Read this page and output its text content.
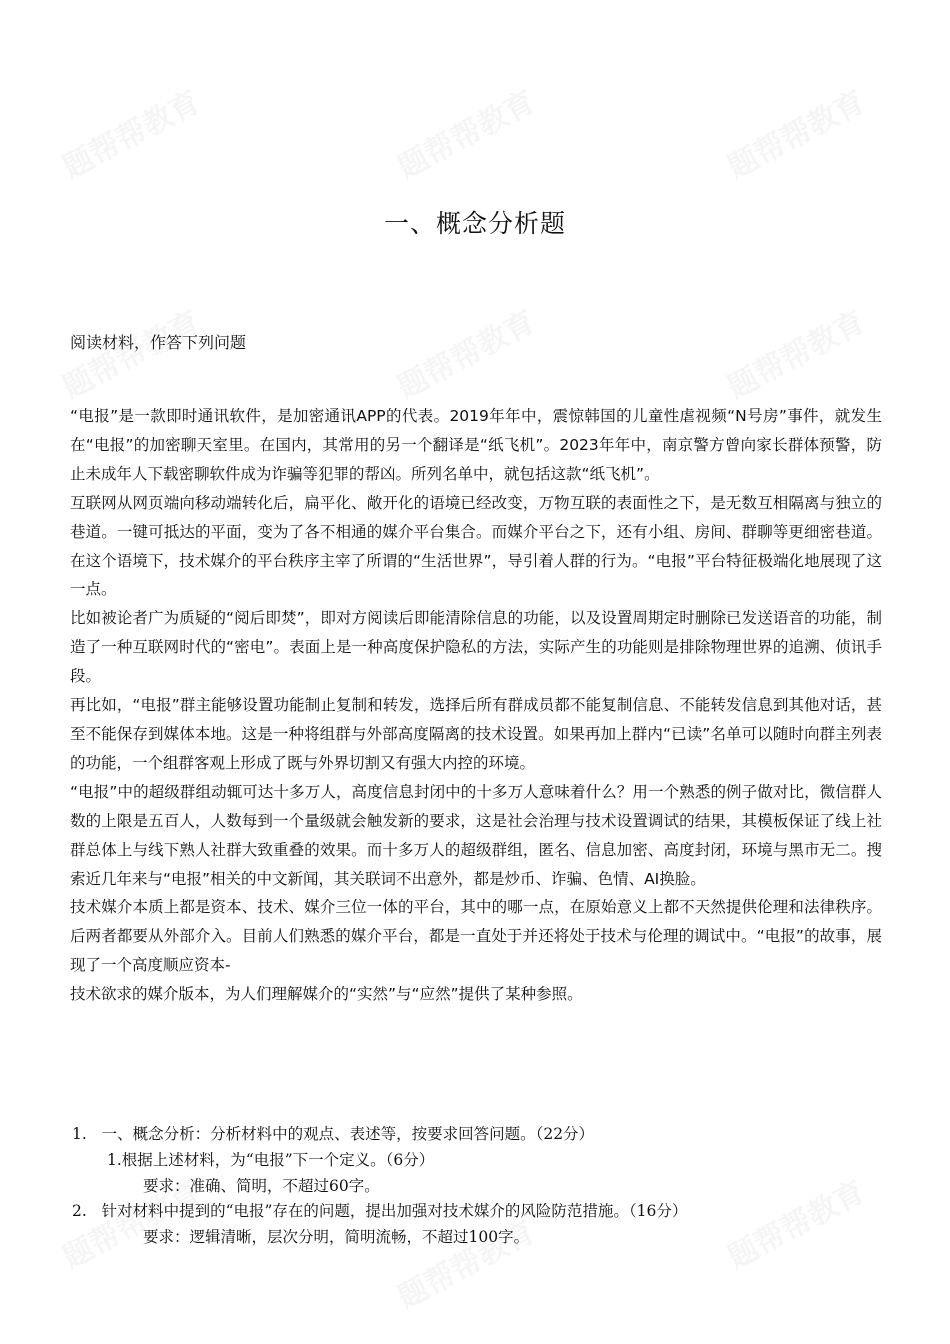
一、概念分析题
阅读材料，作答下列问题

“电报”是一款即时通讯软件，是加密通讯APP的代表。2019年年中，震惊韩国的儿童性虐视频“N号房”事件，就发生在“电报”的加密聊天室里。在国内，其常用的另一个翻译是“纸飞机”。2023年年中，南京警方曾向家长群体预警，防止未成年人下载密聊软件成为诈骗等犯罪的帮凶。所列名单中，就包括这款“纸飞机”。

互联网从网页端向移动端转化后，扁平化、敞开化的语境已经改变，万物互联的表面性之下，是无数互相隔离与独立的巷道。一键可抵达的平面，变为了各不相通的媒介平台集合。而媒介平台之下，还有小组、房间、群聊等更细密巷道。在这个语境下，技术媒介的平台秩序主宰了所谓的“生活世界”，导引着人群的行为。“电报”平台特征极端化地展现了这一点。

比如被论者广为质疑的“阅后即焚”，即对方阅读后即能清除信息的功能，以及设置周期定时删除已发送语音的功能，制造了一种互联网时代的“密电”。表面上是一种高度保护隐私的方法，实际产生的功能则是排除物理世界的追溯、侦讯手段。

再比如，“电报”群主能够设置功能制止复制和转发，选择后所有群成员都不能复制信息、不能转发信息到其他对话，甚至不能保存到媒体本地。这是一种将组群与外部高度隔离的技术设置。如果再加上群内“已读”名单可以随时向群主列表的功能，一个组群客观上形成了既与外界切割又有强大内控的环境。

“电报”中的超级群组动辄可达十多万人，高度信息封闭中的十多万人意味着什么？用一个熟悉的例子做对比，微信群人数的上限是五百人，人数每到一个量级就会触发新的要求，这是社会治理与技术设置调试的结果，其模板保证了线上社群总体上与线下熟人社群大致重叠的效果。而十多万人的超级群组，匿名、信息加密、高度封闭，环境与黑市无二。搜索近几年来与“电报”相关的中文新闻，其关联词不出意外，都是炒币、诈骗、色情、AI换脸。

技术媒介本质上都是资本、技术、媒介三位一体的平台，其中的哪一点，在原始意义上都不天然提供伦理和法律秩序。后两者都要从外部介入。目前人们熟悉的媒介平台，都是一直处于并还将处于技术与伦理的调试中。“电报”的故事，展现了一个高度顺应资本-

技术欲求的媒介版本，为人们理解媒介的“实然”与“应然”提供了某种参照。

1. 一、概念分析：分析材料中的观点、表述等，按要求回答问题。（22分）
1.根据上述材料，为“电报”下一个定义。（6分）
要求：准确、简明，不超过60字。
2. 针对材料中提到的“电报”存在的问题，提出加强对技术媒介的风险防范措施。（16分）
要求：逻辑清晰，层次分明，简明流畅，不超过100字。
